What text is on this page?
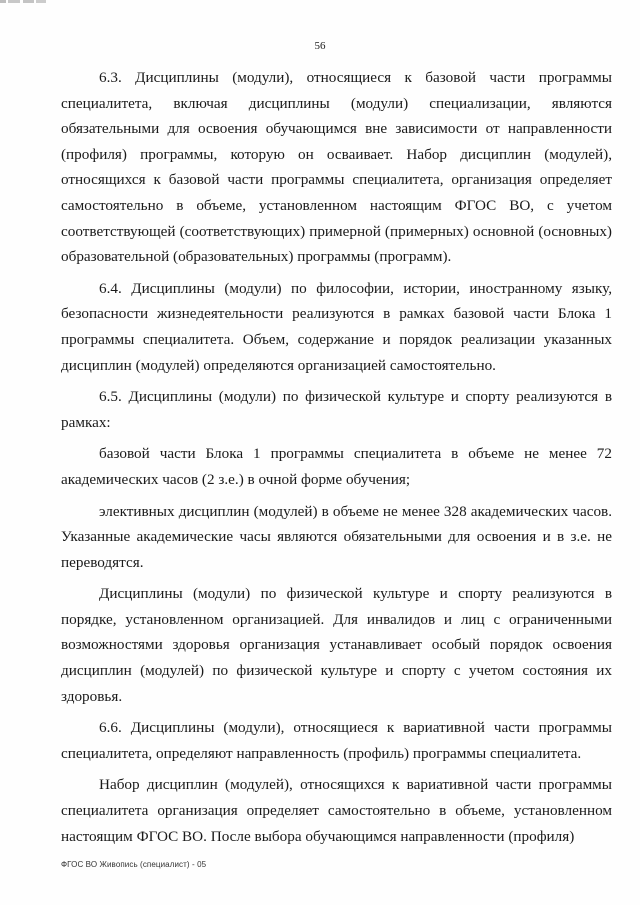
56

6.3. Дисциплины (модули), относящиеся к базовой части программы специалитета, включая дисциплины (модули) специализации, являются обязательными для освоения обучающимся вне зависимости от направленности (профиля) программы, которую он осваивает. Набор дисциплин (модулей), относящихся к базовой части программы специалитета, организация определяет самостоятельно в объеме, установленном настоящим ФГОС ВО, с учетом соответствующей (соответствующих) примерной (примерных) основной (основных) образовательной (образовательных) программы (программ).

6.4. Дисциплины (модули) по философии, истории, иностранному языку, безопасности жизнедеятельности реализуются в рамках базовой части Блока 1 программы специалитета. Объем, содержание и порядок реализации указанных дисциплин (модулей) определяются организацией самостоятельно.

6.5. Дисциплины (модули) по физической культуре и спорту реализуются в рамках:

базовой части Блока 1 программы специалитета в объеме не менее 72 академических часов (2 з.е.) в очной форме обучения;

элективных дисциплин (модулей) в объеме не менее 328 академических часов. Указанные академические часы являются обязательными для освоения и в з.е. не переводятся.

Дисциплины (модули) по физической культуре и спорту реализуются в порядке, установленном организацией. Для инвалидов и лиц с ограниченными возможностями здоровья организация устанавливает особый порядок освоения дисциплин (модулей) по физической культуре и спорту с учетом состояния их здоровья.

6.6. Дисциплины (модули), относящиеся к вариативной части программы специалитета, определяют направленность (профиль) программы специалитета.

Набор дисциплин (модулей), относящихся к вариативной части программы специалитета организация определяет самостоятельно в объеме, установленном настоящим ФГОС ВО. После выбора обучающимся направленности (профиля)

ФГОС ВО Живопись (специалист) - 05
